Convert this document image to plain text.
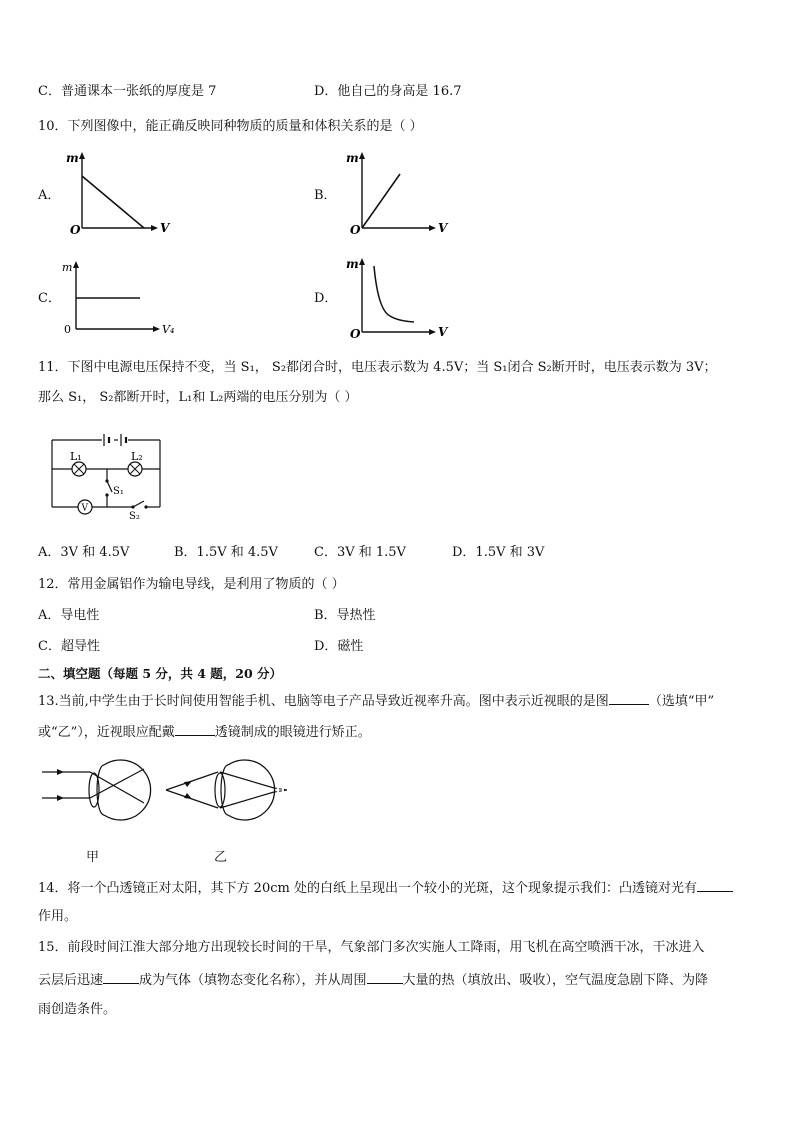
C．普通课本一张纸的厚度是 7	D．他自己的身高是 16.7
10．下列图像中，能正确反映同种物质的质量和体积关系的是（ ）
A．
m
O	V
B．
m
O	V
C．
m
0	V₄
D．
m
O	V
11．下图中电源电压保持不变，当 S₁， S₂都闭合时，电压表示数为 4.5V；当 S₁闭合 S₂断开时，电压表示数为 3V；
那么 S₁， S₂都断开时，L₁和 L₂两端的电压分别为（ ）
V
L₁	L₂
S₁
S₂
A．3V 和 4.5V	B．1.5V 和 4.5V	C．3V 和 1.5V	D．1.5V 和 3V
12．常用金属铝作为输电导线，是利用了物质的（ ）
A．导电性	B．导热性
C．超导性	D．磁性
二、填空题（每题 5 分，共 4 题，20 分）
13.当前,中学生由于长时间使用智能手机、电脑等电子产品导致近视率升高。图中表示近视眼的是图	（选填“甲”
或“乙”），近视眼应配戴	透镜制成的眼镜进行矫正。
甲	乙
14．将一个凸透镜正对太阳，其下方 20cm 处的白纸上呈现出一个较小的光斑，这个现象提示我们：凸透镜对光有
作用。
15．前段时间江淮大部分地方出现较长时间的干旱，气象部门多次实施人工降雨，用飞机在高空喷洒干冰，干冰进入
云层后迅速	成为气体（填物态变化名称），并从周围	大量的热（填放出、吸收），空气温度急剧下降、为降
雨创造条件。
